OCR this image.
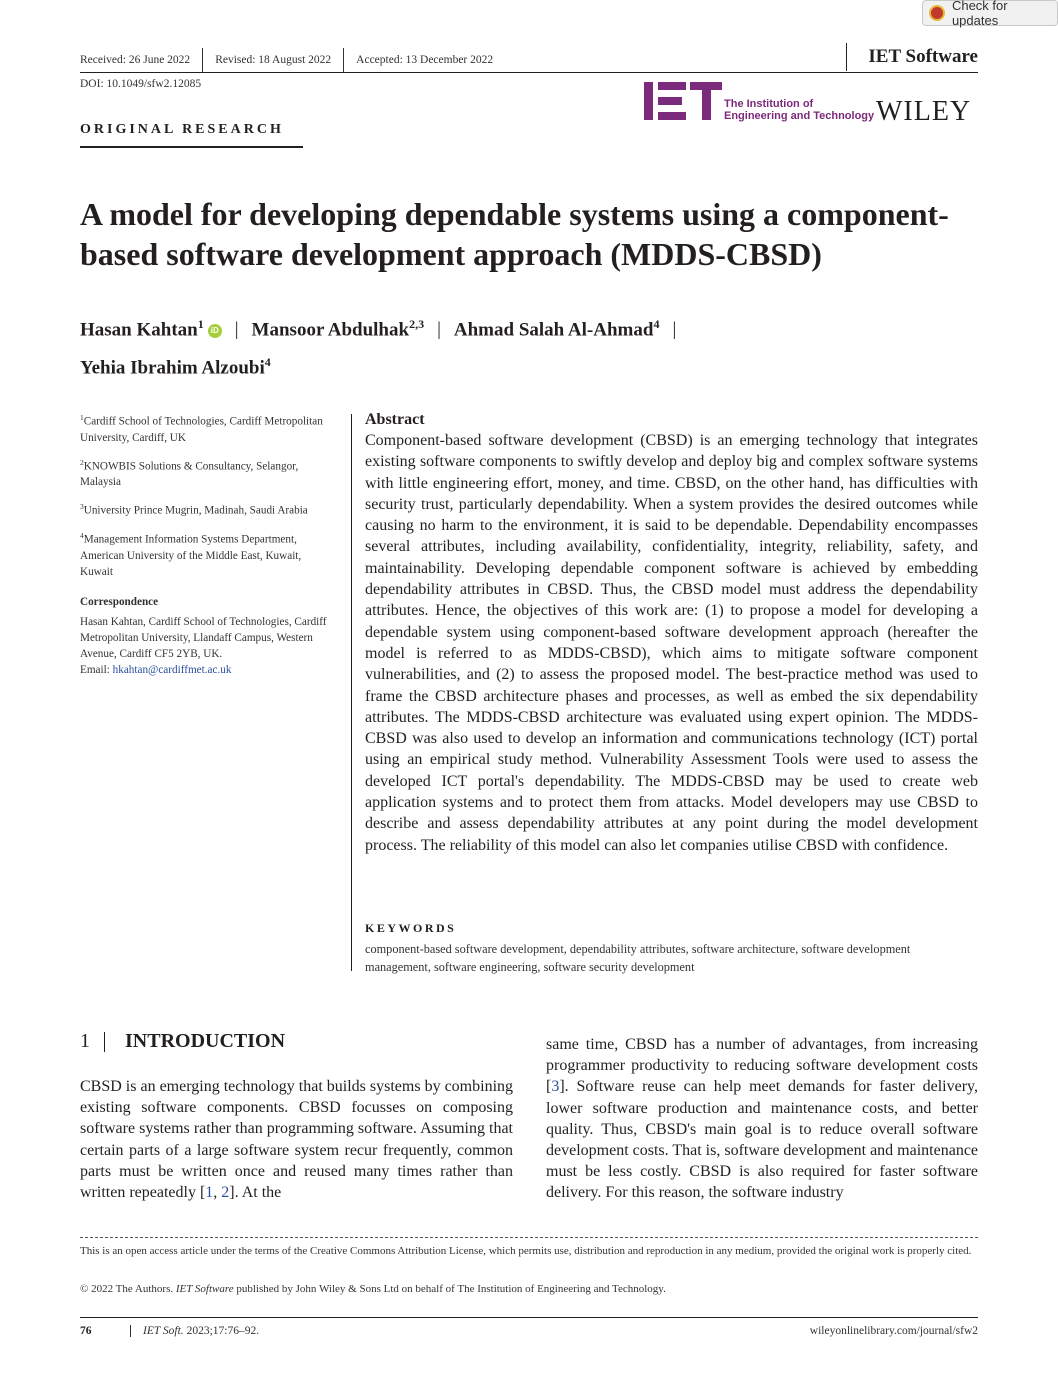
Check for updates
Received: 26 June 2022	Revised: 18 August 2022	Accepted: 13 December 2022	IET Software
DOI: 10.1049/sfw2.12085
The Institution of
Engineering and Technology WILEY
ORIGINAL RESEARCH
A model for developing dependable systems using a component-based software development approach (MDDS-CBSD)
Hasan Kahtan$^1$ iD | Mansoor Abdulhak$^{2,3}$ | Ahmad Salah Al-Ahmad$^4$ |
Yehia Ibrahim Alzoubi$^4$

$^1$Cardiff School of Technologies, Cardiff Metropolitan University, Cardiff, UK

$^2$KNOWBIS Solutions & Consultancy, Selangor, Malaysia

$^3$University Prince Mugrin, Madinah, Saudi Arabia

$^4$Management Information Systems Department, American University of the Middle East, Kuwait, Kuwait

Correspondence

Hasan Kahtan, Cardiff School of Technologies, Cardiff Metropolitan University, Llandaff Campus, Western Avenue, Cardiff CF5 2YB, UK.
Email: hkahtan@cardiffmet.ac.uk

Abstract

Component-based software development (CBSD) is an emerging technology that integrates existing software components to swiftly develop and deploy big and complex software systems with little engineering effort, money, and time. CBSD, on the other hand, has difficulties with security trust, particularly dependability. When a system provides the desired outcomes while causing no harm to the environment, it is said to be dependable. Dependability encompasses several attributes, including availability, confidentiality, integrity, reliability, safety, and maintainability. Developing dependable component software is achieved by embedding dependability attributes in CBSD. Thus, the CBSD model must address the dependability attributes. Hence, the objectives of this work are: (1) to propose a model for developing a dependable system using component-based software development approach (hereafter the model is referred to as MDDS-CBSD), which aims to mitigate software component vulnerabilities, and (2) to assess the proposed model. The best-practice method was used to frame the CBSD architecture phases and processes, as well as embed the six dependability attributes. The MDDS-CBSD architecture was evaluated using expert opinion. The MDDS-CBSD was also used to develop an information and communications technology (ICT) portal using an empirical study method. Vulnerability Assessment Tools were used to assess the developed ICT portal's dependability. The MDDS-CBSD may be used to create web application systems and to protect them from attacks. Model developers may use CBSD to describe and assess dependability attributes at any point during the model development process. The reliability of this model can also let companies utilise CBSD with confidence.

KEYWORDS
component-based software development, dependability attributes, software architecture, software development management, software engineering, software security development
1 INTRODUCTION
CBSD is an emerging technology that builds systems by combining existing software components. CBSD focusses on composing software systems rather than programming software. Assuming that certain parts of a large software system recur frequently, common parts must be written once and reused many times rather than written repeatedly [1, 2]. At the
same time, CBSD has a number of advantages, from increasing programmer productivity to reducing software development costs [3]. Software reuse can help meet demands for faster delivery, lower software production and maintenance costs, and better quality. Thus, CBSD's main goal is to reduce overall software development costs. That is, software development and maintenance must be less costly. CBSD is also required for faster software delivery. For this reason, the software industry
This is an open access article under the terms of the Creative Commons Attribution License, which permits use, distribution and reproduction in any medium, provided the original work is properly cited.
© 2022 The Authors. IET Software published by John Wiley & Sons Ltd on behalf of The Institution of Engineering and Technology.
76	IET Soft. 2023;17:76–92.	wileyonlinelibrary.com/journal/sfw2
